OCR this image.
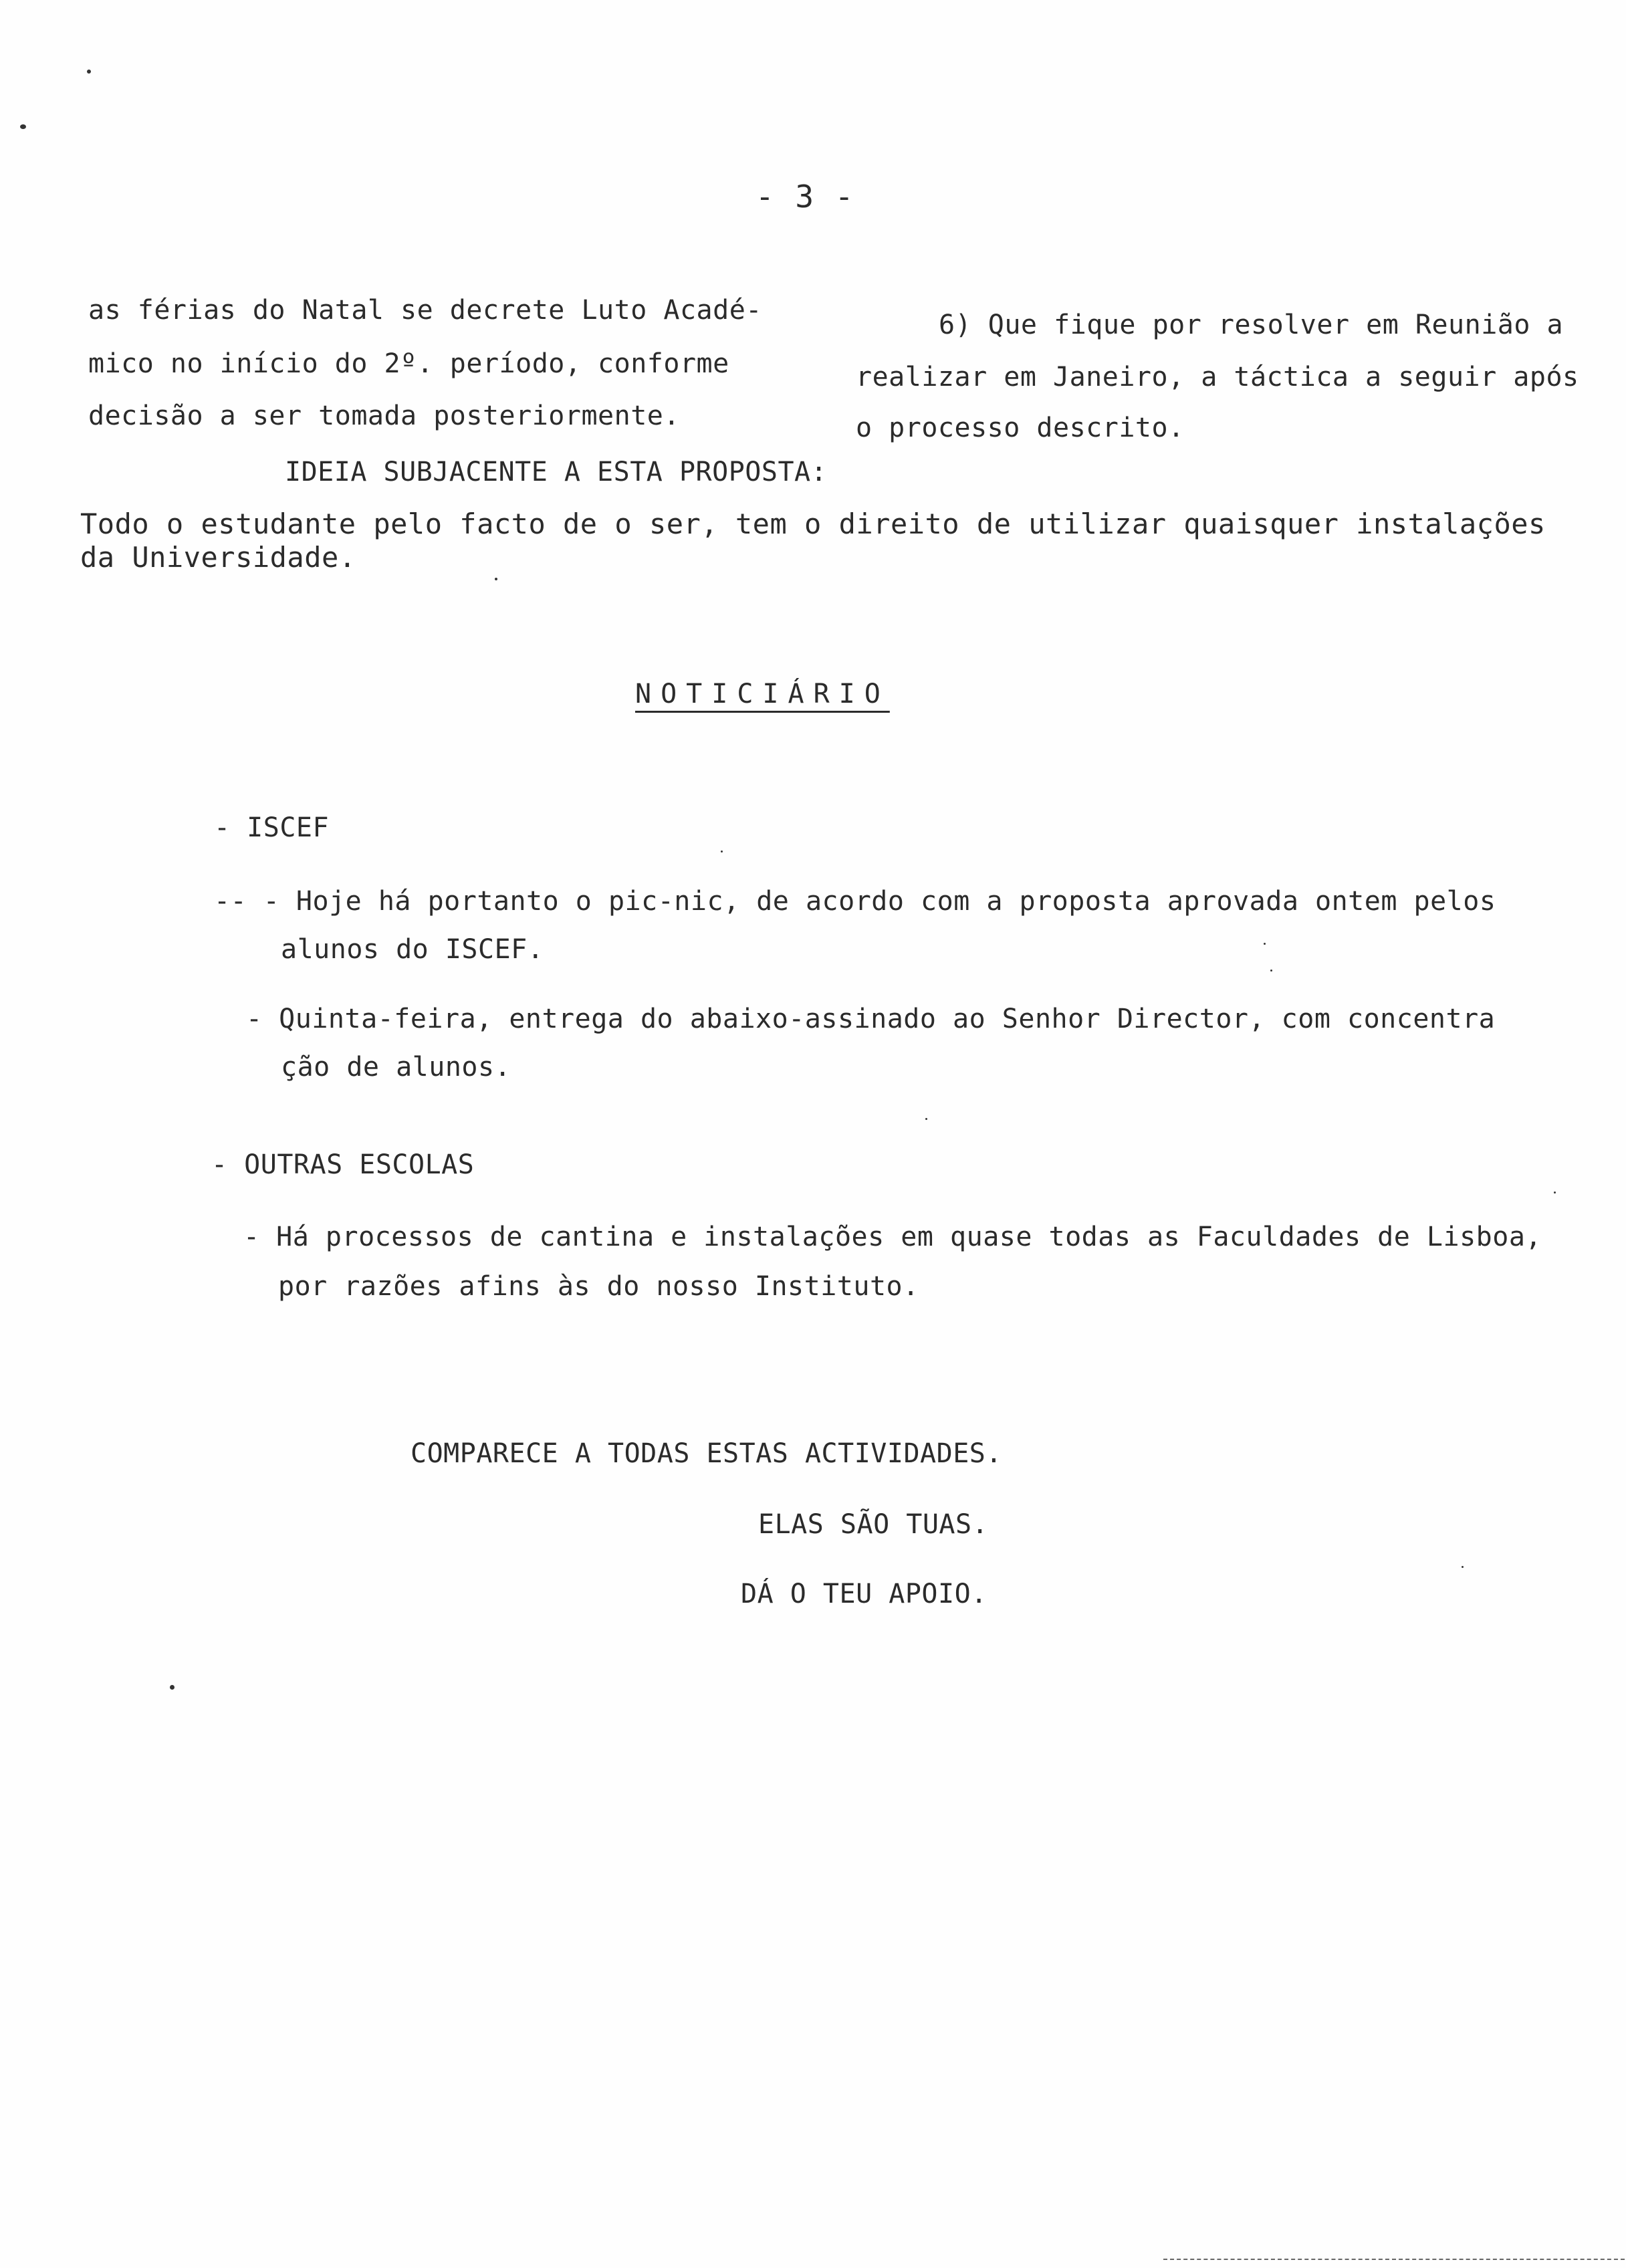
- 3 -
as férias do Natal se decrete Luto Acadé-
mico no início do 2º. período, conforme
decisão a ser tomada posteriormente.
6) Que fique por resolver em Reunião a
realizar em Janeiro, a táctica a seguir após
o processo descrito.
IDEIA SUBJACENTE A ESTA PROPOSTA:
Todo o estudante pelo facto de o ser, tem o direito de utilizar quaisquer instalações
da Universidade.
NOTICIÁRIO
- ISCEF
-- - Hoje há portanto o pic-nic, de acordo com a proposta aprovada ontem pelos
alunos do ISCEF.
- Quinta-feira, entrega do abaixo-assinado ao Senhor Director, com concentra
ção de alunos.
- OUTRAS ESCOLAS
- Há processos de cantina e instalações em quase todas as Faculdades de Lisboa,
por razões afins às do nosso Instituto.
COMPARECE A TODAS ESTAS ACTIVIDADES.
ELAS SÃO TUAS.
DÁ O TEU APOIO.
